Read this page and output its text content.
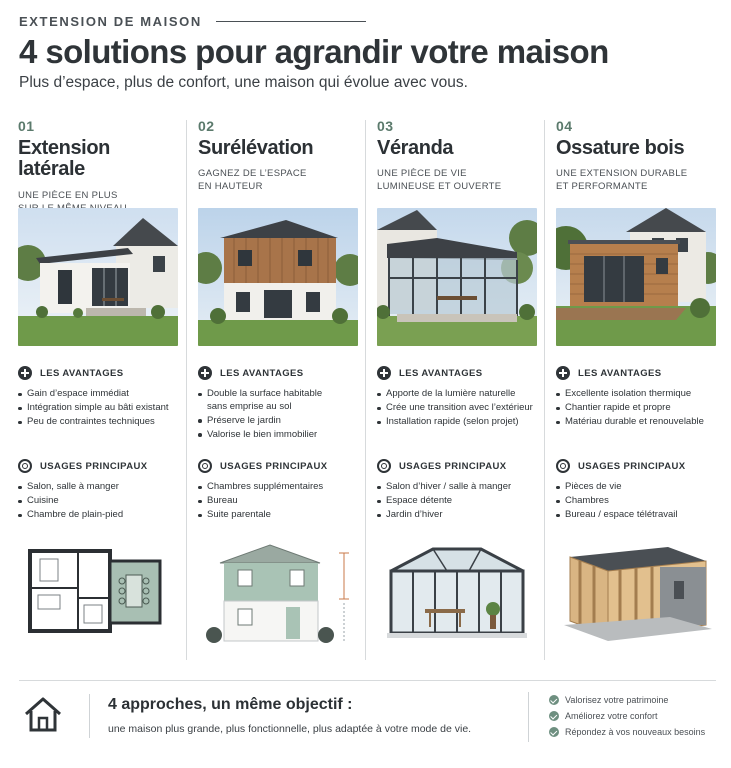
EXTENSION DE MAISON
4 solutions pour agrandir votre maison
Plus d’espace, plus de confort, une maison qui évolue avec vous.
01
Extension
latérale
UNE PIÈCE EN PLUS
LES AVANTAGES
Gain d’espace immédiat
Intégration simple au bâti existant
Peu de contraintes techniques
USAGES PRINCIPAUX
Salon, salle à manger
Cuisine
Chambre de plain-pied
02
Surélévation
GAGNEZ DE L’ESPACE
EN HAUTEUR
LES AVANTAGES
Double la surface habitable
sans emprise au sol
Préserve le jardin
Valorise le bien immobilier
USAGES PRINCIPAUX
Chambres supplémentaires
Bureau
Suite parentale
03
Véranda
UNE PIÈCE DE VIE
LUMINEUSE ET OUVERTE
LES AVANTAGES
Apporte de la lumière naturelle
Crée une transition avec l’extérieur
Installation rapide (selon projet)
USAGES PRINCIPAUX
Salon d’hiver / salle à manger
Espace détente
Jardin d’hiver
04
Ossature bois
UNE EXTENSION DURABLE
ET PERFORMANTE
LES AVANTAGES
Excellente isolation thermique
Chantier rapide et propre
Matériau durable et renouvelable
USAGES PRINCIPAUX
Pièces de vie
Chambres
Bureau / espace télétravail
4 approches, un même objectif :
une maison plus grande, plus fonctionnelle, plus adaptée à votre mode de vie.
Valorisez votre patrimoine
Améliorez votre confort
Répondez à vos nouveaux besoins
